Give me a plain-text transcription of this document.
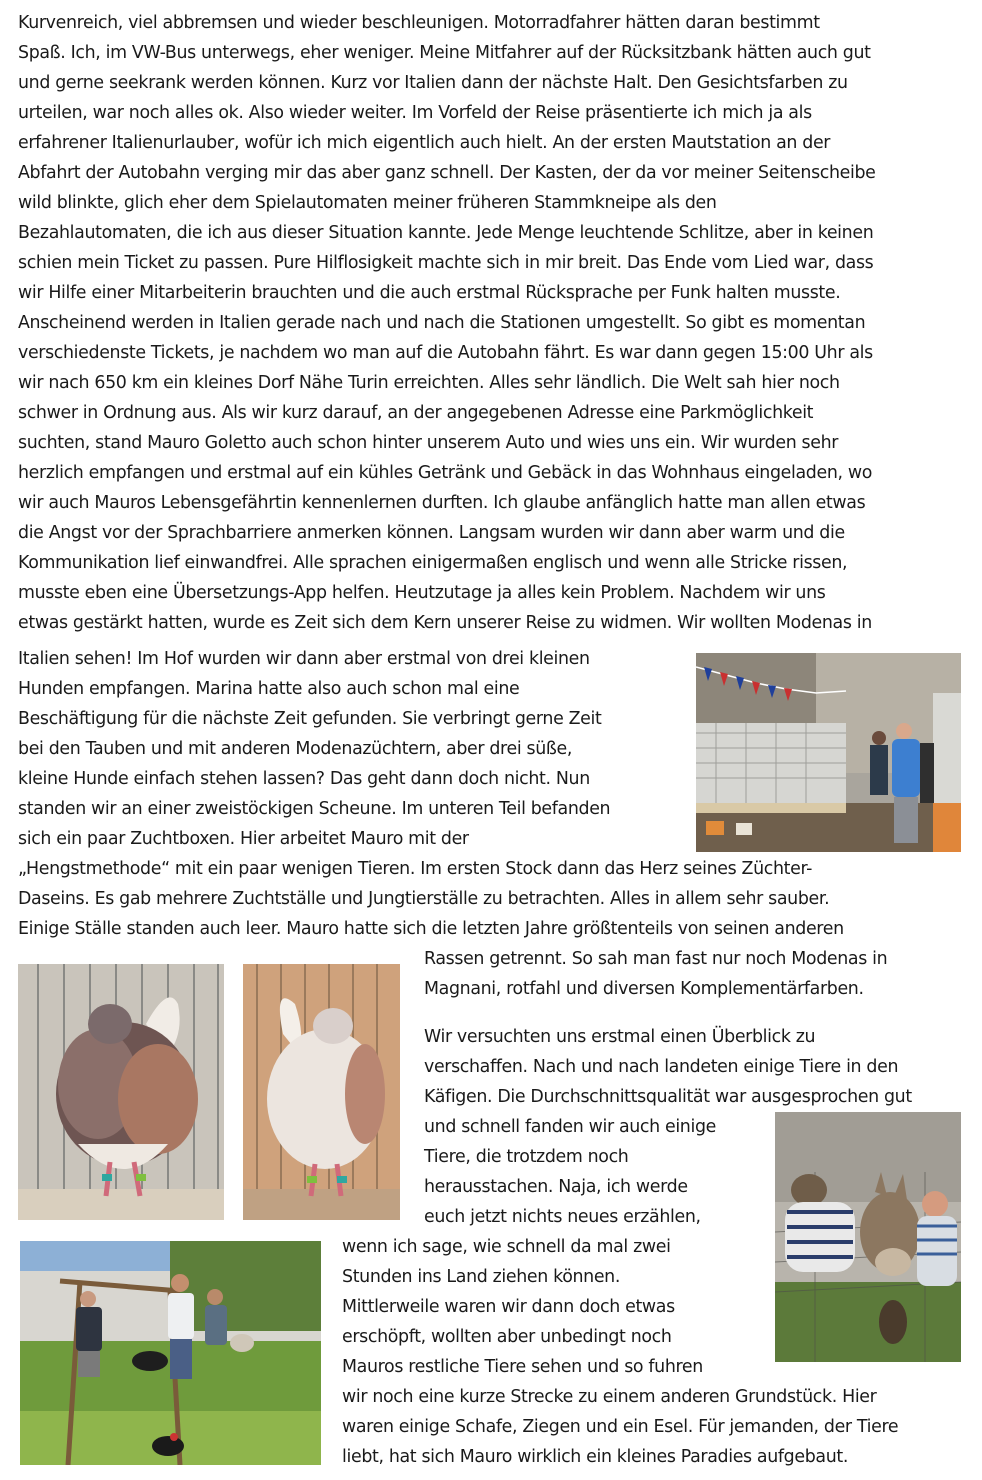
Kurvenreich, viel abbremsen und wieder beschleunigen. Motorradfahrer hätten daran bestimmt
Spaß. Ich, im VW-Bus unterwegs, eher weniger. Meine Mitfahrer auf der Rücksitzbank hätten auch gut
und gerne seekrank werden können. Kurz vor Italien dann der nächste Halt. Den Gesichtsfarben zu
urteilen, war noch alles ok. Also wieder weiter. Im Vorfeld der Reise präsentierte ich mich ja als
erfahrener Italienurlauber, wofür ich mich eigentlich auch hielt. An der ersten Mautstation an der
Abfahrt der Autobahn verging mir das aber ganz schnell. Der Kasten, der da vor meiner Seitenscheibe
wild blinkte, glich eher dem Spielautomaten meiner früheren Stammkneipe als den
Bezahlautomaten, die ich aus dieser Situation kannte. Jede Menge leuchtende Schlitze, aber in keinen
schien mein Ticket zu passen. Pure Hilflosigkeit machte sich in mir breit. Das Ende vom Lied war, dass
wir Hilfe einer Mitarbeiterin brauchten und die auch erstmal Rücksprache per Funk halten musste.
Anscheinend werden in Italien gerade nach und nach die Stationen umgestellt. So gibt es momentan
verschiedenste Tickets, je nachdem wo man auf die Autobahn fährt. Es war dann gegen 15:00 Uhr als
wir nach 650 km ein kleines Dorf Nähe Turin erreichten. Alles sehr ländlich. Die Welt sah hier noch
schwer in Ordnung aus. Als wir kurz darauf, an der angegebenen Adresse eine Parkmöglichkeit
suchten, stand Mauro Goletto auch schon hinter unserem Auto und wies uns ein. Wir wurden sehr
herzlich empfangen und erstmal auf ein kühles Getränk und Gebäck in das Wohnhaus eingeladen, wo
wir auch Mauros Lebensgefährtin kennenlernen durften. Ich glaube anfänglich hatte man allen etwas
die Angst vor der Sprachbarriere anmerken können. Langsam wurden wir dann aber warm und die
Kommunikation lief einwandfrei. Alle sprachen einigermaßen englisch und wenn alle Stricke rissen,
musste eben eine Übersetzungs-App helfen. Heutzutage ja alles kein Problem. Nachdem wir uns
etwas gestärkt hatten, wurde es Zeit sich dem Kern unserer Reise zu widmen. Wir wollten Modenas in
Italien sehen! Im Hof wurden wir dann aber erstmal von drei kleinen
Hunden empfangen. Marina hatte also auch schon mal eine
Beschäftigung für die nächste Zeit gefunden. Sie verbringt gerne Zeit
bei den Tauben und mit anderen Modenazüchtern, aber drei süße,
kleine Hunde einfach stehen lassen? Das geht dann doch nicht. Nun
standen wir an einer zweistöckigen Scheune. Im unteren Teil befanden
sich ein paar Zuchtboxen. Hier arbeitet Mauro mit der
„Hengstmethode“ mit ein paar wenigen Tieren. Im ersten Stock dann das Herz seines Züchter-
Daseins. Es gab mehrere Zuchtställe und Jungtierställe zu betrachten. Alles in allem sehr sauber.
Einige Ställe standen auch leer. Mauro hatte sich die letzten Jahre größtenteils von seinen anderen
Rassen getrennt. So sah man fast nur noch Modenas in
Magnani, rotfahl und diversen Komplementärfarben.
Wir versuchten uns erstmal einen Überblick zu
verschaffen. Nach und nach landeten einige Tiere in den
Käfigen. Die Durchschnittsqualität war ausgesprochen gut
und schnell fanden wir auch einige
Tiere, die trotzdem noch
herausstachen. Naja, ich werde
euch jetzt nichts neues erzählen,
wenn ich sage, wie schnell da mal zwei
Stunden ins Land ziehen können.
Mittlerweile waren wir dann doch etwas
erschöpft, wollten aber unbedingt noch
Mauros restliche Tiere sehen und so fuhren
wir noch eine kurze Strecke zu einem anderen Grundstück. Hier
waren einige Schafe, Ziegen und ein Esel. Für jemanden, der Tiere
liebt, hat sich Mauro wirklich ein kleines Paradies aufgebaut.
